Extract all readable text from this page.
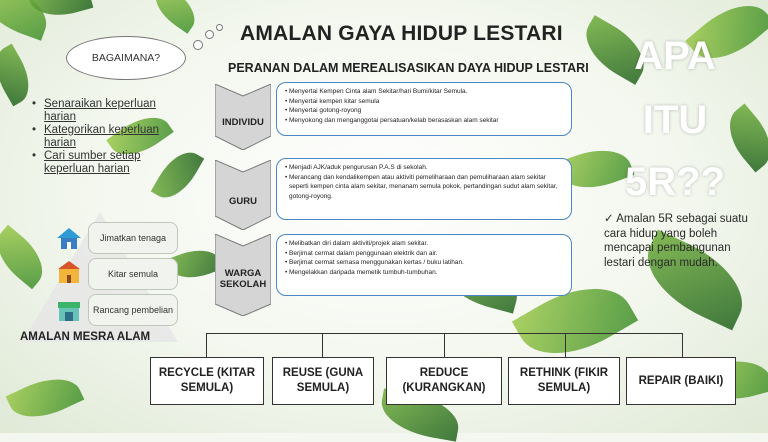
AMALAN GAYA HIDUP LESTARI
PERANAN DALAM MEREALISASIKAN DAYA HIDUP LESTARI
BAGAIMANA?
• Senaraikan keperluan harian
• Kategorikan keperluan harian
• Cari sumber setiap keperluan harian
Jimatkan tenaga
Kitar semula
Rancang pembelian
AMALAN MESRA ALAM
INDIVIDU
GURU
WARGA SEKOLAH
• Menyertai Kempen Cinta alam Sekitar/hari Bumi/kitar Semula.
• Menyertai kempen kitar semula
• Menyertai gotong-royong
• Menyokong dan menganggotai persatuan/kelab berasaskan alam sekitar
• Menjadi AJK/aduk pengurusan P.A.S di sekolah.
• Merancang dan kendalikempen atau aktiviti pemeliharaan dan pemuliharaan alam sekitar seperti kempen cinta alam sekitar, menanam semula pokok, pertandingan sudut alam sekitar, gotong-royong.
• Melibatkan diri dalam aktiviti/projek alam sekitar.
• Berjimat cermat dalam penggunaan elektrik dan air.
• Berjimat cermat semasa menggunakan kertas / buku latihan.
• Mengelakkan daripada memetik tumbuh-tumbuhan.
APA
ITU
5R??
✓ Amalan 5R sebagai suatu cara hidup yang boleh mencapai pembangunan lestari dengan mudah.
RECYCLE (KITAR SEMULA)
REUSE (GUNA SEMULA)
REDUCE (KURANGKAN)
RETHINK (FIKIR SEMULA)
REPAIR (BAIKI)
